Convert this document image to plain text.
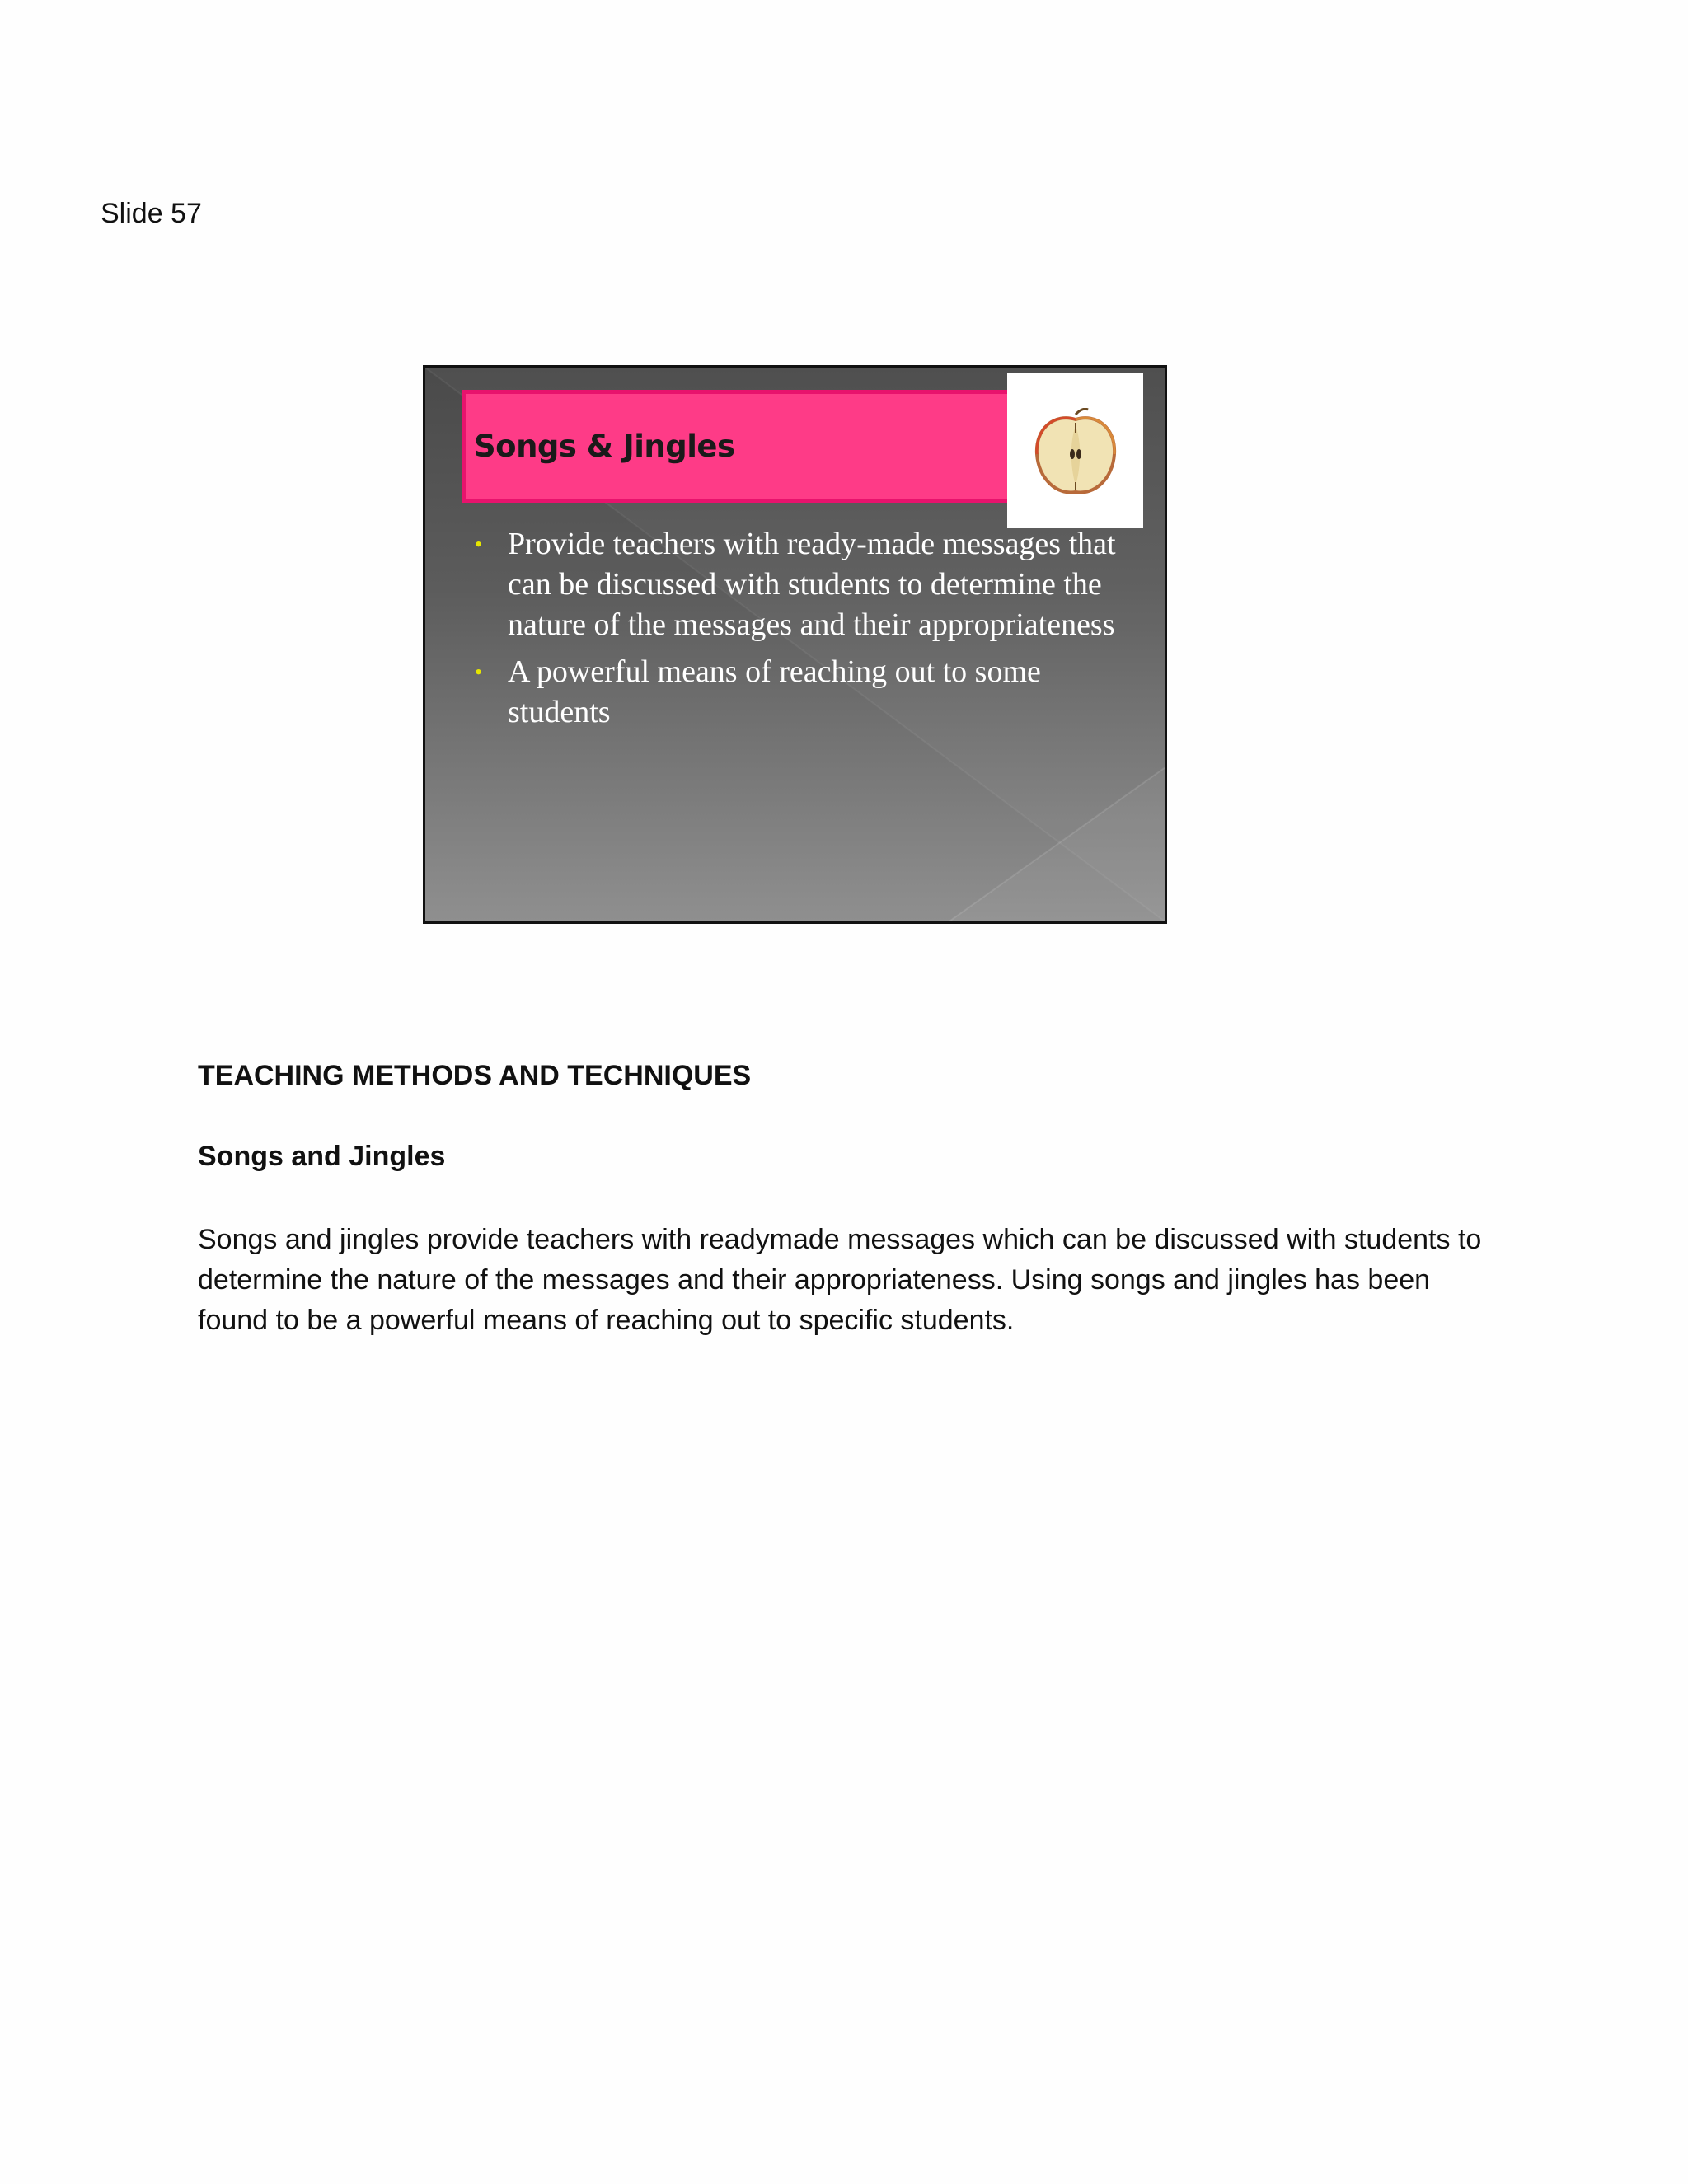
Slide 57
Songs & Jingles
• Provide teachers with ready-made messages that can be discussed with students to determine the nature of the messages and their appropriateness
• A powerful means of reaching out to some students
TEACHING METHODS AND TECHNIQUES
Songs and Jingles
Songs and jingles provide teachers with readymade messages which can be discussed with students to determine the nature of the messages and their appropriateness. Using songs and jingles has been found to be a powerful means of reaching out to specific students.
